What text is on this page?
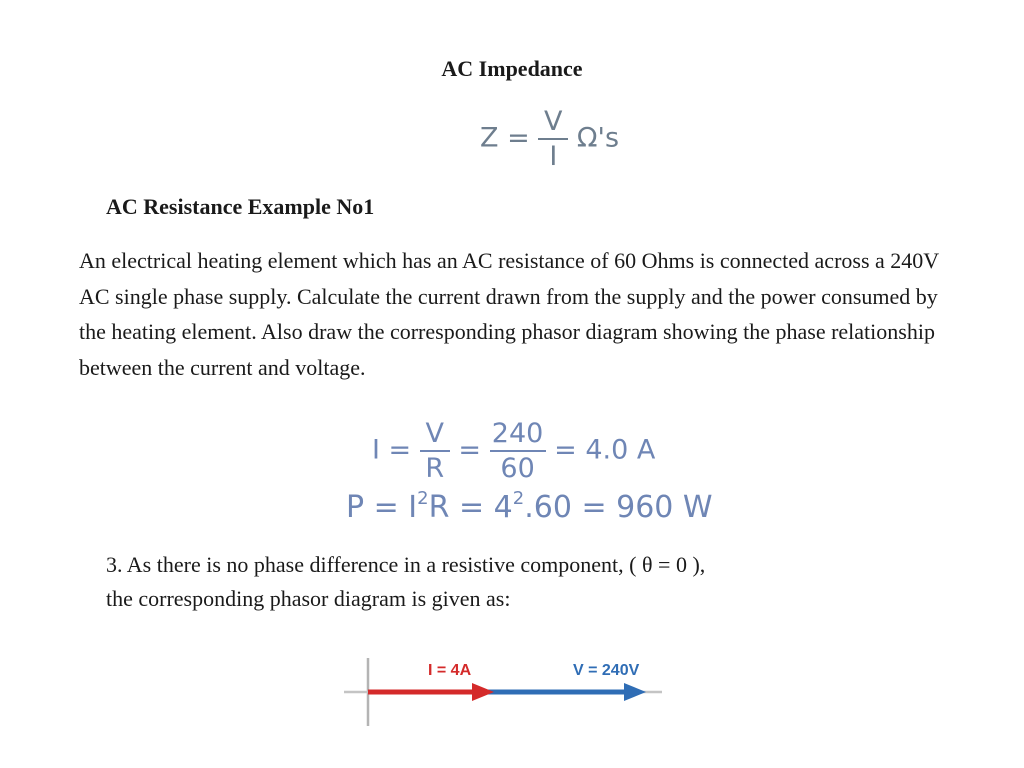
AC Impedance
$Z = \frac{V}{I} \Omega's$
AC Resistance Example No1
An electrical heating element which has an AC resistance of 60 Ohms is connected across a 240V AC single phase supply. Calculate the current drawn from the supply and the power consumed by the heating element. Also draw the corresponding phasor diagram showing the phase relationship between the current and voltage.
$I = \frac{V}{R} = \frac{240}{60} = 4.0$ A
$P = I^2R = 4^2.60 = 960$ W
3. As there is no phase difference in a resistive component, ( θ = 0 ),
the corresponding phasor diagram is given as:
I = 4A	V = 240V
